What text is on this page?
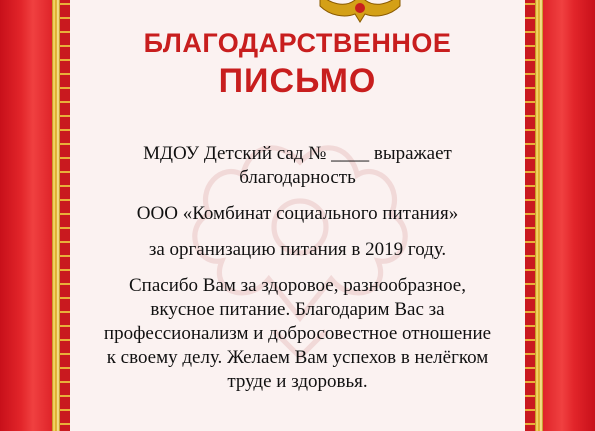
БЛАГОДАРСТВЕННОЕ
ПИСЬМО

МДОУ Детский сад № ____ выражает благодарность

ООО «Комбинат социального питания»

за организацию питания в 2019 году.

Спасибо Вам за здоровое, разнообразное, вкусное питание. Благодарим Вас за профессионализм и добросовестное отношение к своему делу. Желаем Вам успехов в нелёгком труде и здоровья.
